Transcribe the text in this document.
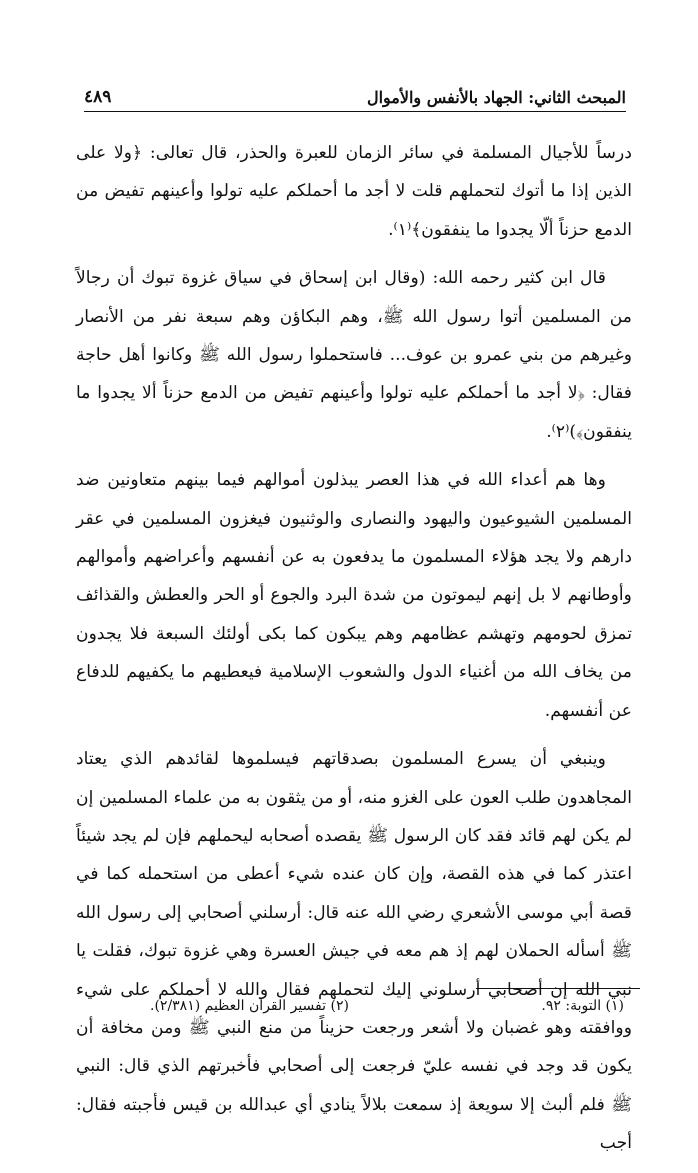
المبحث الثاني: الجهاد بالأنفس والأموال
٤٨٩

درساً للأجيال المسلمة في سائر الزمان للعبرة والحذر، قال تعالى: ﴿ولا على الذين إذا ما أتوك لتحملهم قلت لا أجد ما أحملكم عليه تولوا وأعينهم تفيض من الدمع حزناً ألّا يجدوا ما ينفقون﴾⁽١⁾.

قال ابن كثير رحمه الله: (وقال ابن إسحاق في سياق غزوة تبوك أن رجالاً من المسلمين أتوا رسول الله ﷺ، وهم البكاؤن وهم سبعة نفر من الأنصار وغيرهم من بني عمرو بن عوف... فاستحملوا رسول الله ﷺ وكانوا أهل حاجة فقال: ﴿لا أجد ما أحملكم عليه تولوا وأعينهم تفيض من الدمع حزناً ألا يجدوا ما ينفقون﴾)⁽٢⁾.

وها هم أعداء الله في هذا العصر يبذلون أموالهم فيما بينهم متعاونين ضد المسلمين الشيوعيون واليهود والنصارى والوثنيون فيغزون المسلمين في عقر دارهم ولا يجد هؤلاء المسلمون ما يدفعون به عن أنفسهم وأعراضهم وأموالهم وأوطانهم لا بل إنهم ليموتون من شدة البرد والجوع أو الحر والعطش والقذائف تمزق لحومهم وتهشم عظامهم وهم يبكون كما بكى أولئك السبعة فلا يجدون من يخاف الله من أغنياء الدول والشعوب الإسلامية فيعطيهم ما يكفيهم للدفاع عن أنفسهم.

وينبغي أن يسرع المسلمون بصدقاتهم فيسلموها لقائدهم الذي يعتاد المجاهدون طلب العون على الغزو منه، أو من يثقون به من علماء المسلمين إن لم يكن لهم قائد فقد كان الرسول ﷺ يقصده أصحابه ليحملهم فإن لم يجد شيئاً اعتذر كما في هذه القصة، وإن كان عنده شيء أعطى من استحمله كما في قصة أبي موسى الأشعري رضي الله عنه قال: أرسلني أصحابي إلى رسول الله ﷺ أسأله الحملان لهم إذ هم معه في جيش العسرة وهي غزوة تبوك، فقلت يا نبي الله إن أصحابي أرسلوني إليك لتحملهم فقال والله لا أحملكم على شيء ووافقته وهو غضبان ولا أشعر ورجعت حزيناً من منع النبي ﷺ ومن مخافة أن يكون قد وجد في نفسه عليّ فرجعت إلى أصحابي فأخبرتهم الذي قال: النبي ﷺ فلم ألبث إلا سويعة إذ سمعت بلالاً ينادي أي عبدالله بن قيس فأجبته فقال: أجب

(١) التوبة: ٩٢.
(٢) تفسير القرآن العظيم (٢/٣٨١).
